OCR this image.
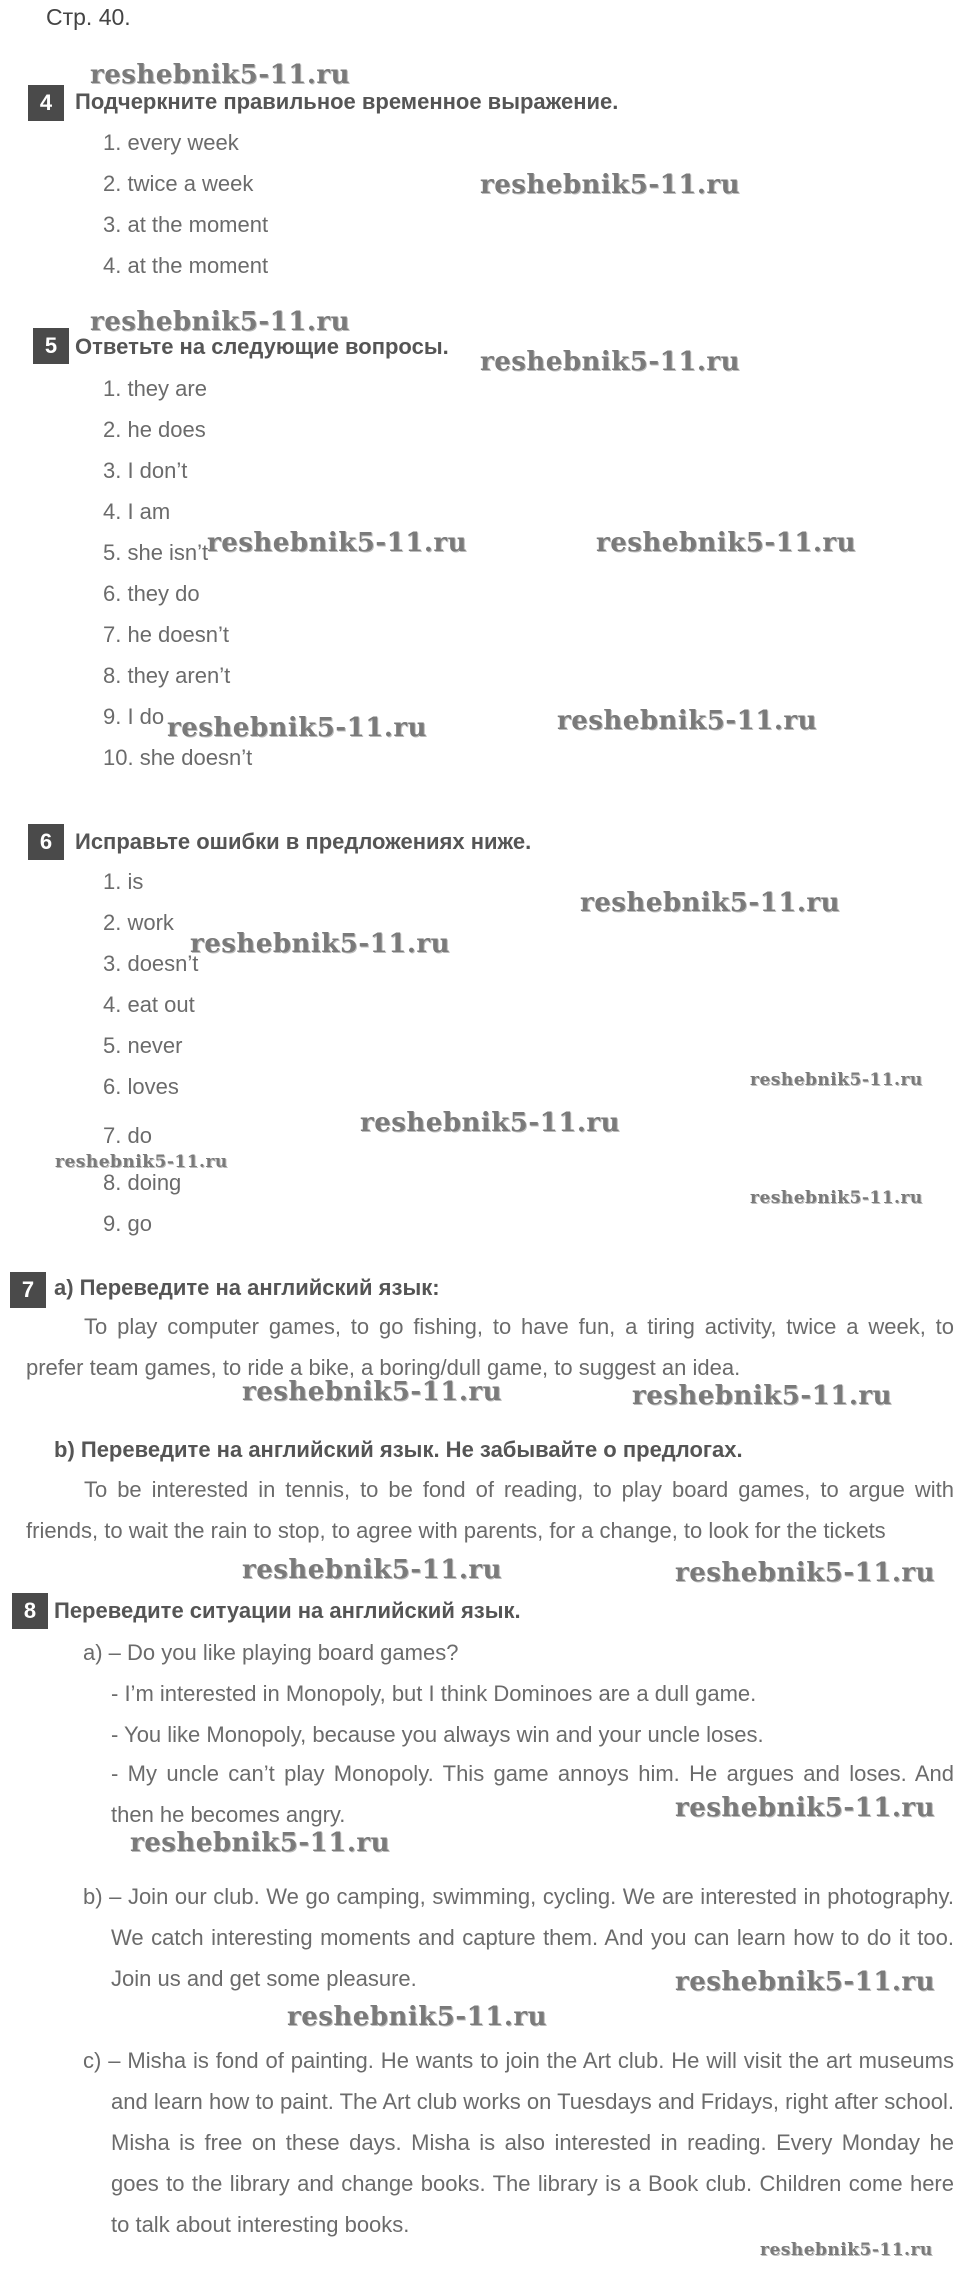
Стр. 40.
4	Подчеркните правильное временное выражение.
1. every week
2. twice a week
3. at the moment
4. at the moment
5 Ответьте на следующие вопросы.
1. they are
2. he does
3. I don’t
4. I am
5. she isn’t
6. they do
7. he doesn’t
8. they aren’t
9. I do
10. she doesn’t
6	Исправьте ошибки в предложениях ниже.
1. is
2. work
3. doesn’t
4. eat out
5. never
6. loves
7. do
8. doing
9. go
7 a) Переведите на английский язык:
To play computer games, to go fishing, to have fun, a tiring activity, twice a week, to prefer team games, to ride a bike, a boring/dull game, to suggest an idea.
b) Переведите на английский язык. Не забывайте о предлогах.
To be interested in tennis, to be fond of reading, to play board games, to argue with friends, to wait the rain to stop, to agree with parents, for a change, to look for the tickets
8 Переведите ситуации на английский язык.
a) – Do you like playing board games?
- I’m interested in Monopoly, but I think Dominoes are a dull game.
- You like Monopoly, because you always win and your uncle loses.
- My uncle can’t play Monopoly. This game annoys him. He argues and loses. And then he becomes angry.
b) – Join our club. We go camping, swimming, cycling. We are interested in photography. We catch interesting moments and capture them. And you can learn how to do it too. Join us and get some pleasure.
c) – Misha is fond of painting. He wants to join the Art club. He will visit the art museums and learn how to paint. The Art club works on Tuesdays and Fridays, right after school. Misha is free on these days. Misha is also interested in reading. Every Monday he goes to the library and change books. The library is a Book club. Children come here to talk about interesting books.
reshebnik5-11.ru
reshebnik5-11.ru
reshebnik5-11.ru
reshebnik5-11.ru
reshebnik5-11.ru	reshebnik5-11.ru
reshebnik5-11.ru	reshebnik5-11.ru
reshebnik5-11.ru
reshebnik5-11.ru
reshebnik5-11.ru
reshebnik5-11.ru
reshebnik5-11.ru
reshebnik5-11.ru
reshebnik5-11.ru	reshebnik5-11.ru
reshebnik5-11.ru	reshebnik5-11.ru
reshebnik5-11.ru
reshebnik5-11.ru
reshebnik5-11.ru
reshebnik5-11.ru
reshebnik5-11.ru
